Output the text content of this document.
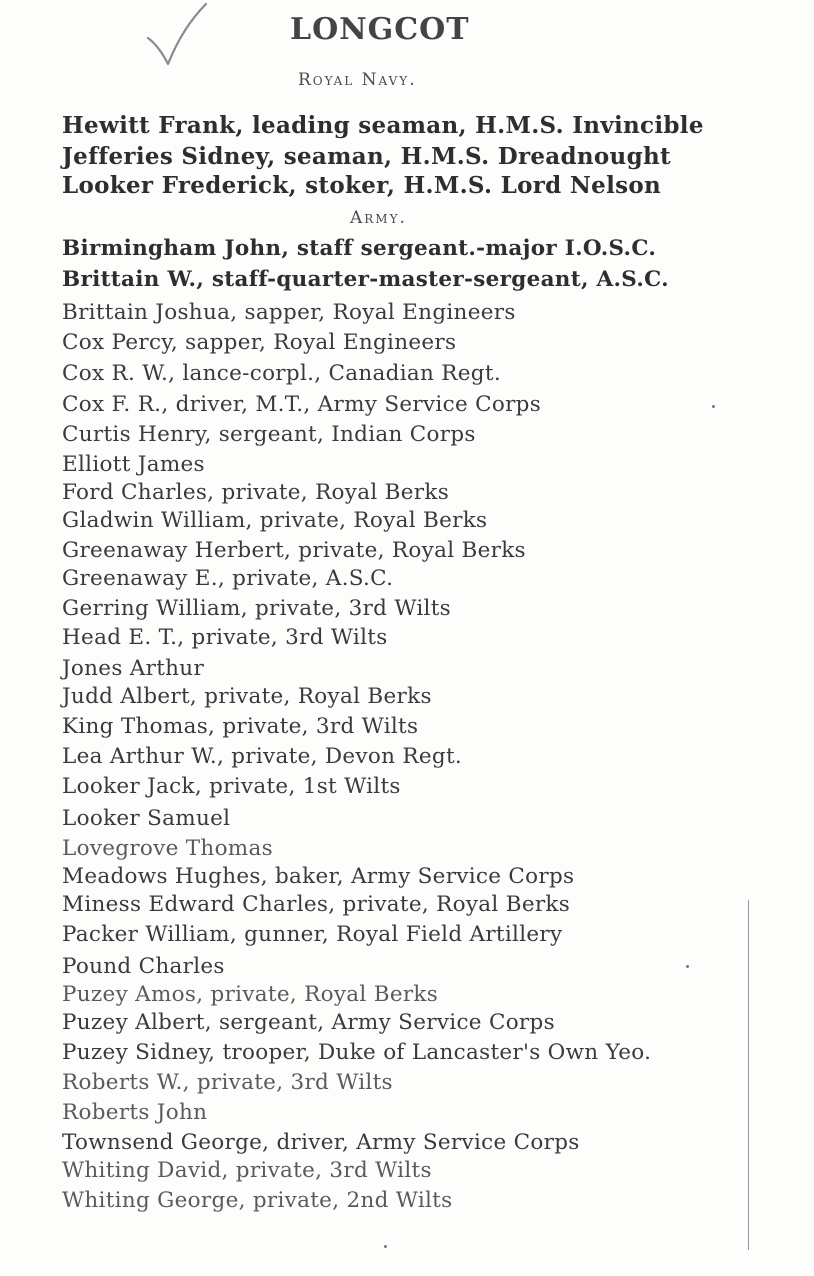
LONGCOT
Royal Navy.
Hewitt Frank, leading seaman, H.M.S. Invincible
Jefferies Sidney, seaman, H.M.S. Dreadnought
Looker Frederick, stoker, H.M.S. Lord Nelson
Army.
Birmingham John, staff sergeant.-major I.O.S.C.
Brittain W., staff-quarter-master-sergeant, A.S.C.
Brittain Joshua, sapper, Royal Engineers
Cox Percy, sapper, Royal Engineers
Cox R. W., lance-corpl., Canadian Regt.
Cox F. R., driver, M.T., Army Service Corps
Curtis Henry, sergeant, Indian Corps
Elliott James
Ford Charles, private, Royal Berks
Gladwin William, private, Royal Berks
Greenaway Herbert, private, Royal Berks
Greenaway E., private, A.S.C.
Gerring William, private, 3rd Wilts
Head E. T., private, 3rd Wilts
Jones Arthur
Judd Albert, private, Royal Berks
King Thomas, private, 3rd Wilts
Lea Arthur W., private, Devon Regt.
Looker Jack, private, 1st Wilts
Looker Samuel
Lovegrove Thomas
Meadows Hughes, baker, Army Service Corps
Miness Edward Charles, private, Royal Berks
Packer William, gunner, Royal Field Artillery
Pound Charles
Puzey Amos, private, Royal Berks
Puzey Albert, sergeant, Army Service Corps
Puzey Sidney, trooper, Duke of Lancaster's Own Yeo.
Roberts W., private, 3rd Wilts
Roberts John
Townsend George, driver, Army Service Corps
Whiting David, private, 3rd Wilts
Whiting George, private, 2nd Wilts
